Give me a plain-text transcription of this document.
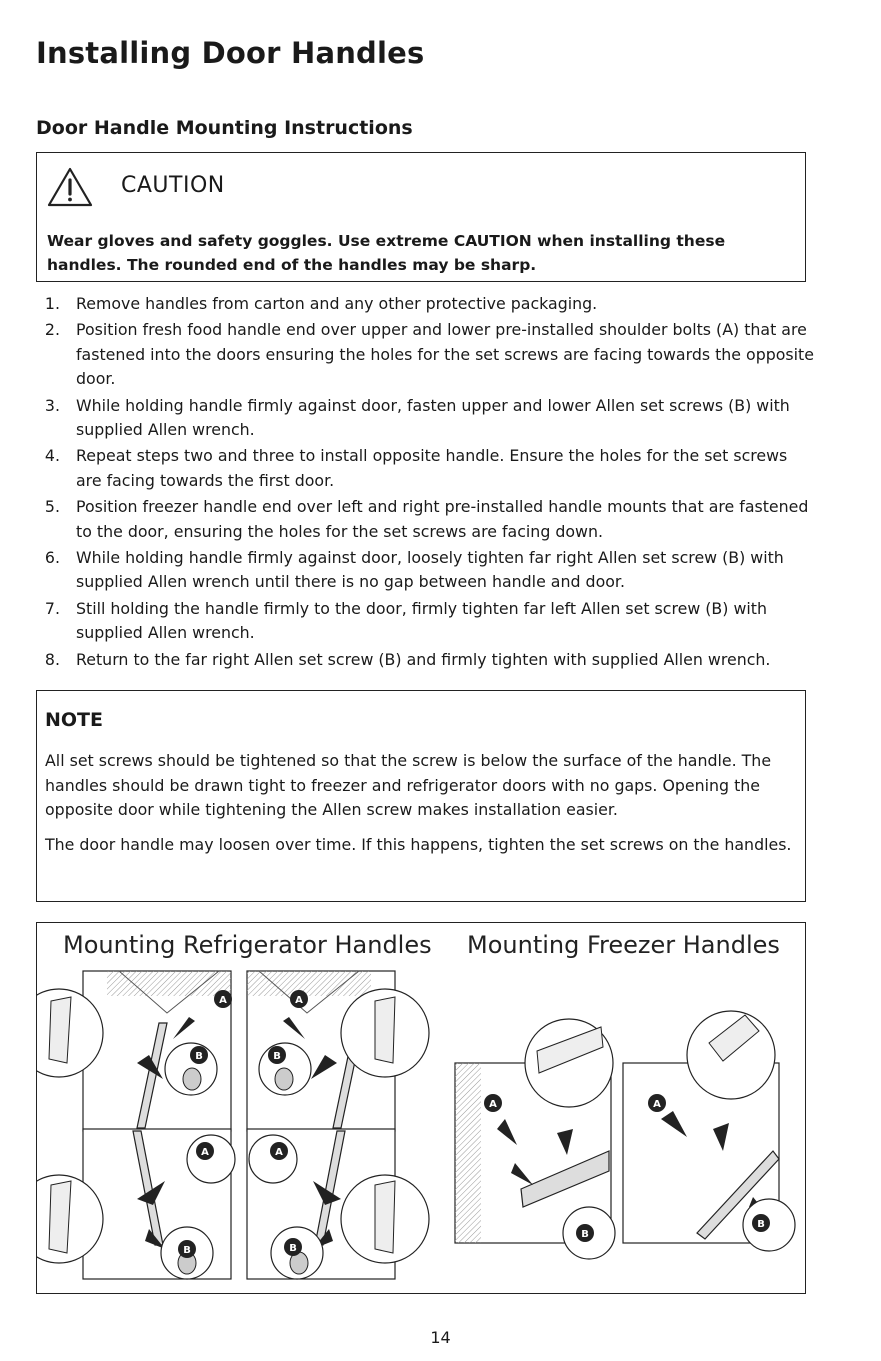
Installing Door Handles
Door Handle Mounting Instructions
CAUTION

Wear gloves and safety goggles. Use extreme CAUTION when installing these handles. The rounded end of the handles may be sharp.

1. Remove handles from carton and any other protective packaging.
2. Position fresh food handle end over upper and lower pre-installed shoulder bolts (A) that are fastened into the doors ensuring the holes for the set screws are facing towards the opposite door.
3. While holding handle firmly against door, fasten upper and lower Allen set screws (B) with supplied Allen wrench.
4. Repeat steps two and three to install opposite handle. Ensure the holes for the set screws are facing towards the first door.
5. Position freezer handle end over left and right pre-installed handle mounts that are fastened to the door, ensuring the holes for the set screws are facing down.
6. While holding handle firmly against door, loosely tighten far right Allen set screw (B) with supplied Allen wrench until there is no gap between handle and door.
7. Still holding the handle firmly to the door, firmly tighten far left Allen set screw (B) with supplied Allen wrench.
8. Return to the far right Allen set screw (B) and firmly tighten with supplied Allen wrench.
NOTE

All set screws should be tightened so that the screw is below the surface of the handle. The handles should be drawn tight to freezer and refrigerator doors with no gaps. Opening the opposite door while tightening the Allen screw makes installation easier.

The door handle may loosen over time. If this happens, tighten the set screws on the handles.

Mounting Refrigerator Handles Mounting Freezer Handles
A
B
A
B
A
B
A
B
A
B
A
B
14
